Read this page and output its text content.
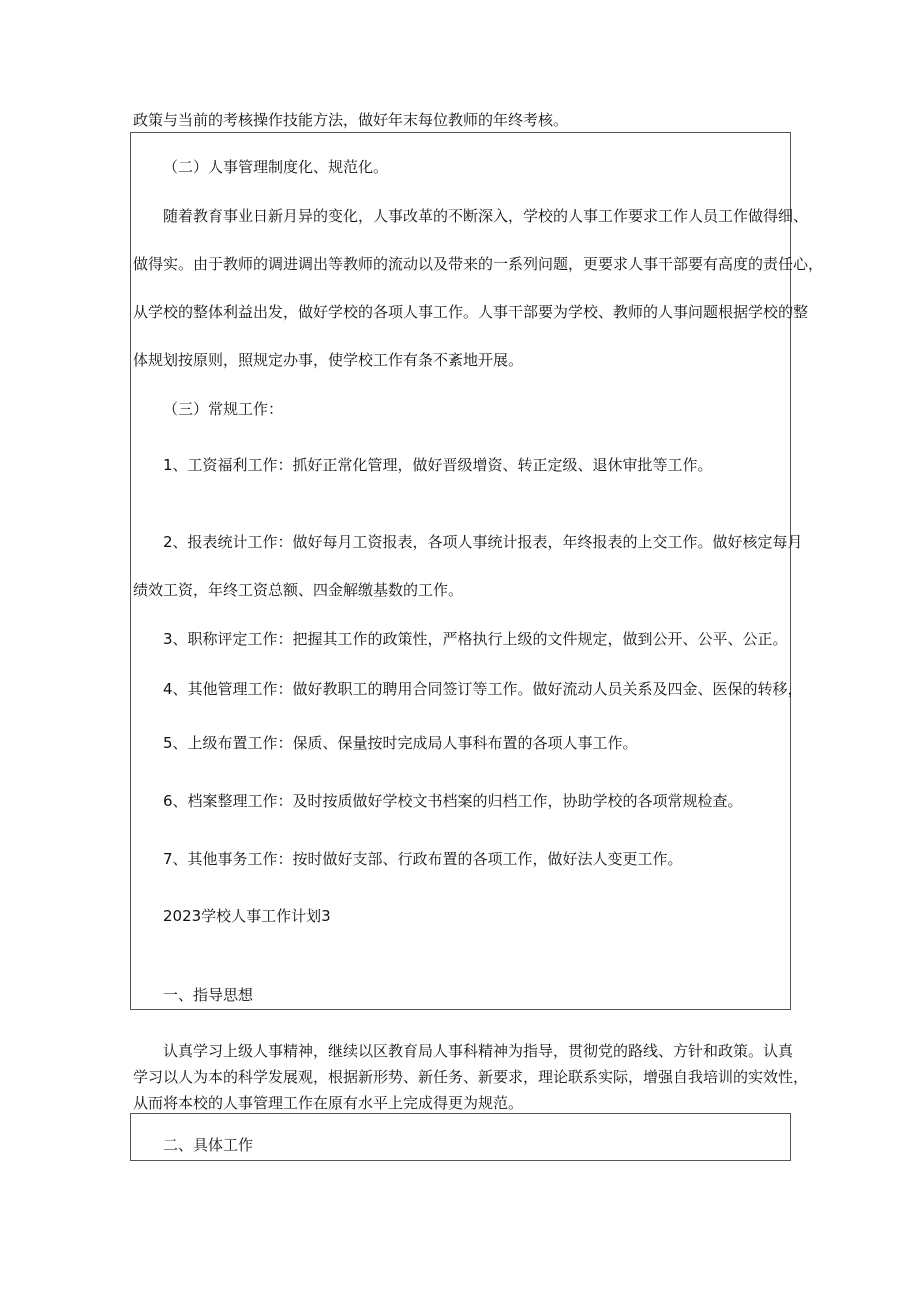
政策与当前的考核操作技能方法，做好年末每位教师的年终考核。
（二）人事管理制度化、规范化。
随着教育事业日新月异的变化，人事改革的不断深入，学校的人事工作要求工作人员工作做得细、
做得实。由于教师的调进调出等教师的流动以及带来的一系列问题，更要求人事干部要有高度的责任心，
从学校的整体利益出发，做好学校的各项人事工作。人事干部要为学校、教师的人事问题根据学校的整
体规划按原则，照规定办事，使学校工作有条不紊地开展。
（三）常规工作：
1、工资福利工作：抓好正常化管理，做好晋级增资、转正定级、退休审批等工作。
2、报表统计工作：做好每月工资报表，各项人事统计报表，年终报表的上交工作。做好核定每月
绩效工资，年终工资总额、四金解缴基数的工作。
3、职称评定工作：把握其工作的政策性，严格执行上级的文件规定，做到公开、公平、公正。
4、其他管理工作：做好教职工的聘用合同签订等工作。做好流动人员关系及四金、医保的转移，
5、上级布置工作：保质、保量按时完成局人事科布置的各项人事工作。
6、档案整理工作：及时按质做好学校文书档案的归档工作，协助学校的各项常规检查。
7、其他事务工作：按时做好支部、行政布置的各项工作，做好法人变更工作。
2023学校人事工作计划3
一、指导思想
认真学习上级人事精神，继续以区教育局人事科精神为指导，贯彻党的路线、方针和政策。认真
学习以人为本的科学发展观，根据新形势、新任务、新要求，理论联系实际，增强自我培训的实效性，
从而将本校的人事管理工作在原有水平上完成得更为规范。
二、具体工作
